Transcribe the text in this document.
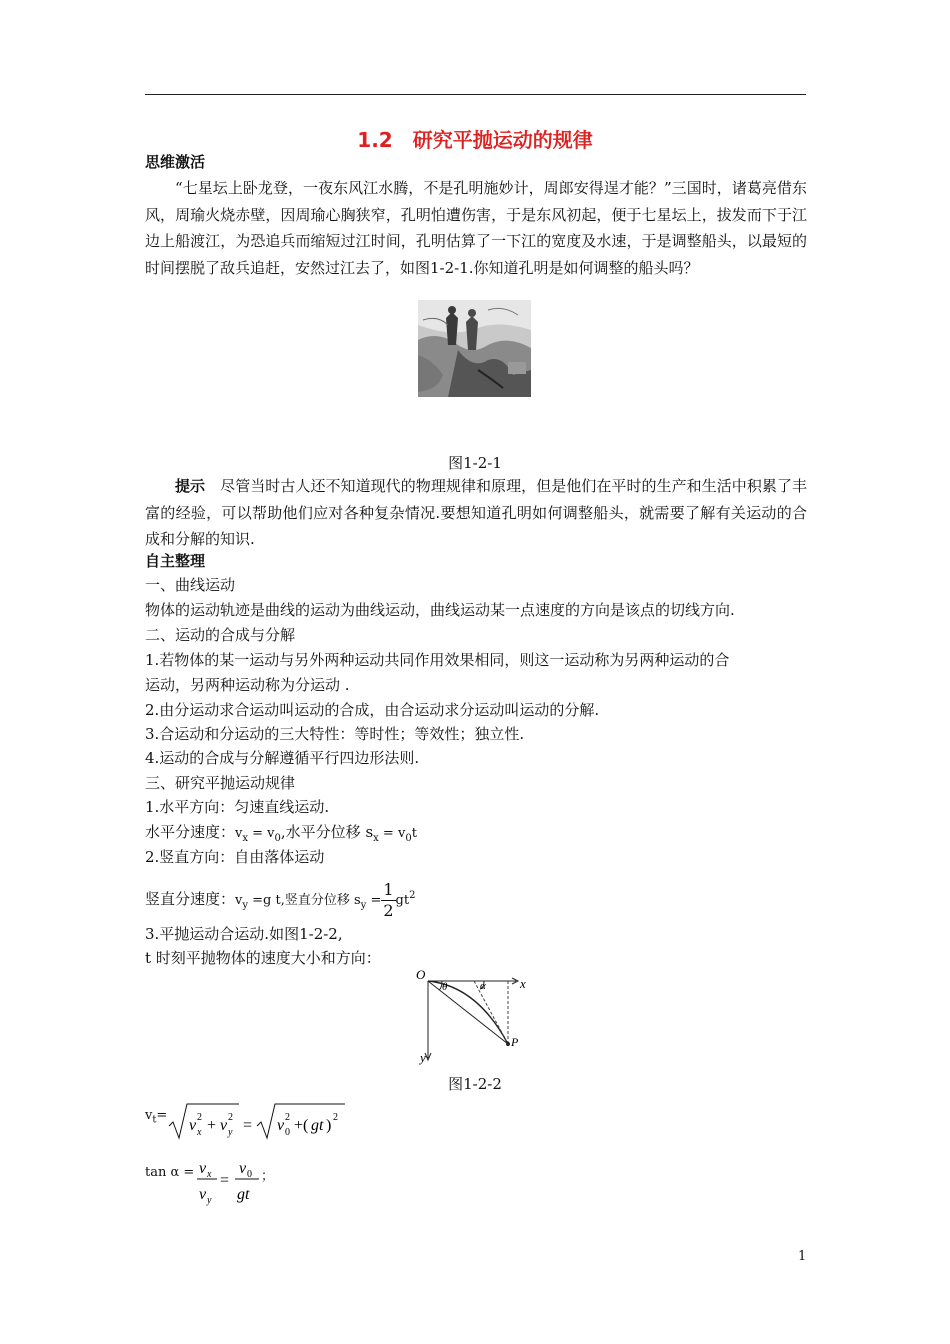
1.2　研究平抛运动的规律
思维激活
“七星坛上卧龙登，一夜东风江水腾，不是孔明施妙计，周郎安得逞才能？”三国时，诸葛亮借东风，周瑜火烧赤壁，因周瑜心胸狭窄，孔明怕遭伤害，于是东风初起，便于七星坛上，拔发而下于江边上船渡江，为恐追兵而缩短过江时间，孔明估算了一下江的宽度及水速，于是调整船头，以最短的时间摆脱了敌兵追赶，安然过江去了，如图1-2-1.你知道孔明是如何调整的船头吗？
图1-2-1
提示 尽管当时古人还不知道现代的物理规律和原理，但是他们在平时的生产和生活中积累了丰富的经验，可以帮助他们应对各种复杂情况.要想知道孔明如何调整船头，就需要了解有关运动的合成和分解的知识.
自主整理
一、曲线运动
物体的运动轨迹是曲线的运动为曲线运动，曲线运动某一点速度的方向是该点的切线方向.
二、运动的合成与分解
1.若物体的某一运动与另外两种运动共同作用效果相同，则这一运动称为另两种运动的合
运动，另两种运动称为分运动 .
2.由分运动求合运动叫运动的合成，由合运动求分运动叫运动的分解.
3.合运动和分运动的三大特性：等时性；等效性；独立性.
4.运动的合成与分解遵循平行四边形法则.
三、研究平抛运动规律
1.水平方向：匀速直线运动.
水平分速度：$v_x = v_0$,水平分位移 $s_x = v_0t$
2.竖直方向：自由落体运动
竖直分速度：$v_y =g$ t,竖直分位移 $s_y = \frac{1}{2} gt^2$
3.平抛运动合运动.如图1-2-2,
t 时刻平抛物体的速度大小和方向：
O
x
y
θ	α
P
图1-2-2
$v_t=$
v 2
x + v 2
y = v 2
0 +( gt ) 2
tan α = v x
v y
=
v 0
gt
；
1
